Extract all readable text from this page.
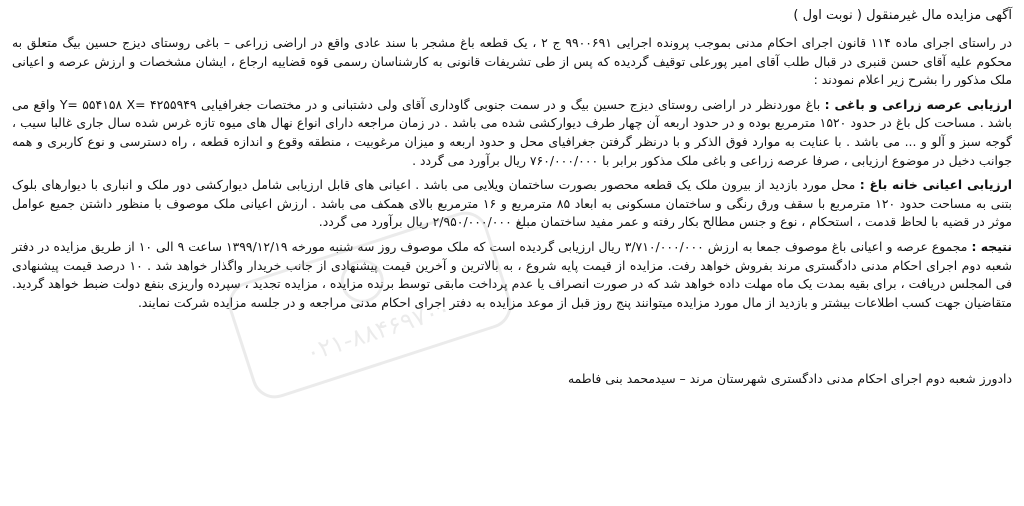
آگهی مزایده مال غیرمنقول ( نوبت اول )

در راستای اجرای ماده ۱۱۴ قانون اجرای احکام مدنی بموجب پرونده اجرایی ۹۹۰۰۶۹۱ ج ۲ ، یک قطعه باغ مشجر با سند عادی واقع در اراضی زراعی – باغی روستای دیزج حسین بیگ متعلق به محکوم علیه آقای حسن قنبری در قبال طلب آقای امیر پورعلی توقیف گردیده که پس از طی تشریفات قانونی به کارشناسان رسمی قوه قضاییه ارجاع ، ایشان مشخصات و ارزش عرصه و اعیانی ملک مذکور را بشرح زیر اعلام نمودند :

ارزیابی عرصه زراعی و باغی : باغ موردنظر در اراضی روستای دیزج حسین بیگ و در سمت جنوبی گاوداری آقای ولی دشتبانی و در مختصات جغرافیایی Y= ۵۵۴۱۵۸ X= ۴۲۵۵۹۴۹ واقع می باشد . مساحت کل باغ در حدود ۱۵۲۰ مترمربع بوده و در حدود اربعه آن چهار طرف دیوارکشی شده می باشد . در زمان مراجعه دارای انواع نهال های میوه تازه غرس شده سال جاری غالبا سیب ، گوجه سبز و آلو و ... می باشد . با عنایت به موارد فوق الذکر و با درنظر گرفتن جغرافیای محل و حدود اربعه و میزان مرغوبیت ، منطقه وقوع و اندازه قطعه ، راه دسترسی و نوع کاربری و همه جوانب دخیل در موضوع ارزیابی ، صرفا عرصه زراعی و باغی ملک مذکور برابر با ۷۶۰/۰۰۰/۰۰۰ ریال برآورد می گردد .

ارزیابی اعیانی خانه باغ : محل مورد بازدید از بیرون ملک یک قطعه محصور بصورت ساختمان ویلایی می باشد . اعیانی های قابل ارزیابی شامل دیوارکشی دور ملک و انباری با دیوارهای بلوک بتنی به مساحت حدود ۱۲۰ مترمربع با سقف ورق رنگی و ساختمان مسکونی به ابعاد ۸۵ مترمربع و ۱۶ مترمربع بالای همکف می باشد . ارزش اعیانی ملک موصوف با منظور داشتن جمیع عوامل موثر در قضیه با لحاظ قدمت ، استحکام ، نوع و جنس مطالح بکار رفته و عمر مفید ساختمان مبلغ ۲/۹۵۰/۰۰۰/۰۰۰ ریال برآورد می گردد.

نتیجه : مجموع عرصه و اعیانی باغ موصوف جمعا به ارزش ۳/۷۱۰/۰۰۰/۰۰۰ ریال ارزیابی گردیده است که ملک موصوف روز سه شنبه مورخه ۱۳۹۹/۱۲/۱۹ ساعت ۹ الی ۱۰ از طریق مزایده در دفتر شعبه دوم اجرای احکام مدنی دادگستری مرند بفروش خواهد رفت. مزایده از قیمت پایه شروع ، به بالاترین و آخرین قیمت پیشنهادی از جانب خریدار واگذار خواهد شد . ۱۰ درصد قیمت پیشنهادی فی المجلس دریافت ، برای بقیه بمدت یک ماه مهلت داده خواهد شد که در صورت انصراف یا عدم پرداخت مابقی توسط برنده مزایده ، مزایده تجدید ، سپرده واریزی بنفع دولت ضبط خواهد گردید. متقاضیان جهت کسب اطلاعات بیشتر و بازدید از مال مورد مزایده میتوانند پنج روز قبل از موعد مزایده به دفتر اجرای احکام مدنی مراجعه و در جلسه مزایده شرکت نمایند.

دادورز شعبه دوم اجرای احکام مدنی دادگستری شهرستان مرند – سیدمحمد بنی فاطمه
۰۲۱-۸۸۴۶۹۷۰۰
